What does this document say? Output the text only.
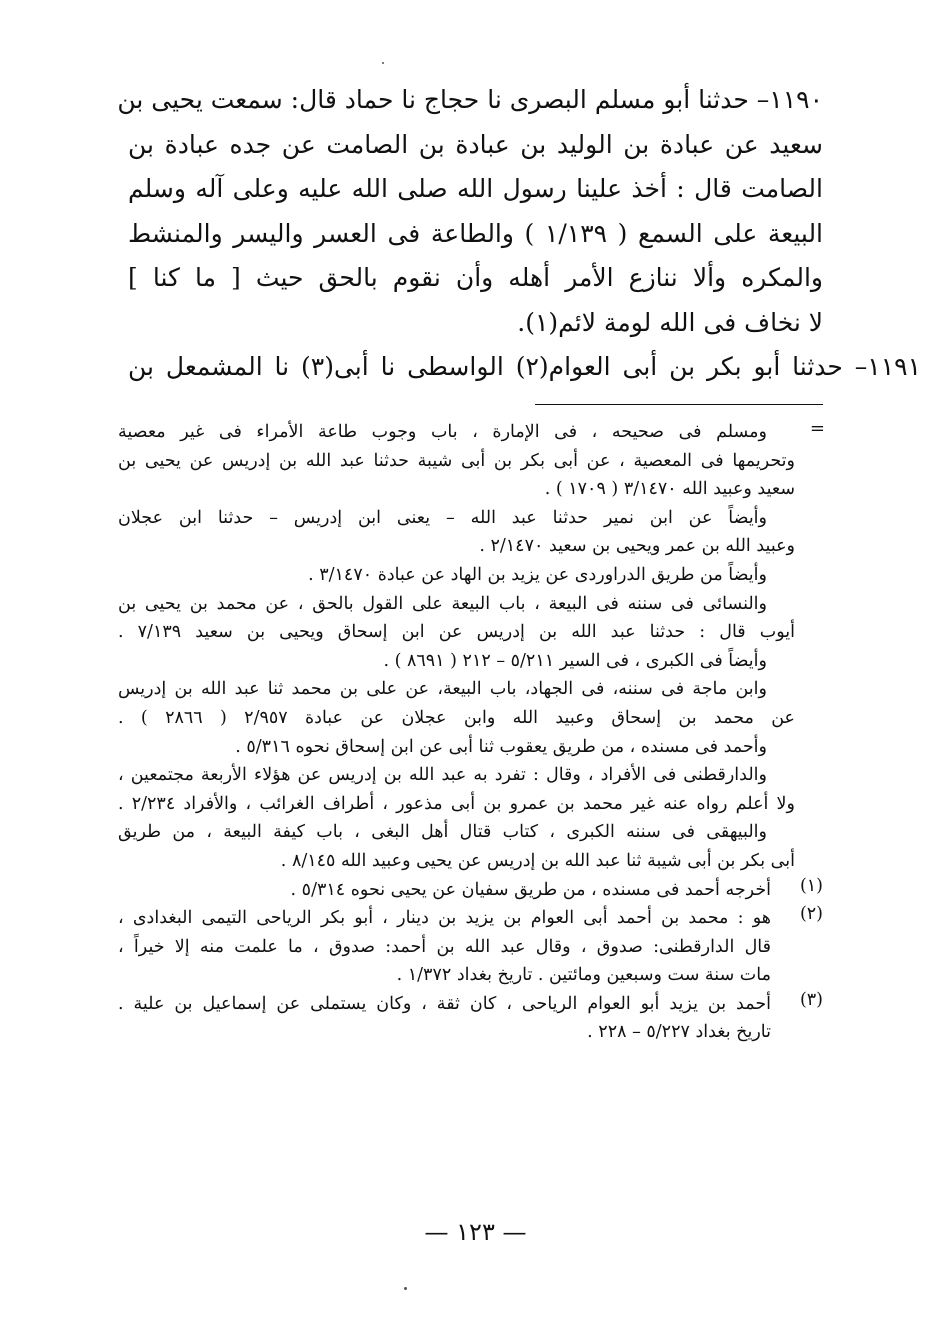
١١٩٠– حدثنا أبو مسلم البصرى نا حجاج نا حماد قال: سمعت يحيى بن
سعيد عن عبادة بن الوليد بن عبادة بن الصامت عن جده عبادة بن
الصامت قال : أخذ علينا رسول الله صلى الله عليه وعلى آله وسلم
البيعة على السمع ( ١/١٣٩ ) والطاعة فى العسر واليسر والمنشط
والمكره وألا ننازع الأمر أهله وأن نقوم بالحق حيث [ ما كنا ]
لا نخاف فى الله لومة لائم(١).
١١٩١– حدثنا أبو بكر بن أبى العوام(٢) الواسطى نا أبى(٣) نا المشمعل بن
=
ومسلم فى صحيحه ، فى الإمارة ، باب وجوب طاعة الأمراء فى غير معصية
وتحريمها فى المعصية ، عن أبى بكر بن أبى شيبة حدثنا عبد الله بن إدريس عن يحيى بن
سعيد وعبيد الله ٣/١٤٧٠ ( ١٧٠٩ ) .
وأيضاً عن ابن نمير حدثنا عبد الله – يعنى ابن إدريس – حدثنا ابن عجلان
وعبيد الله بن عمر ويحيى بن سعيد ٢/١٤٧٠ .
وأيضاً من طريق الدراوردى عن يزيد بن الهاد عن عبادة ٣/١٤٧٠ .
والنسائى فى سننه فى البيعة ، باب البيعة على القول بالحق ، عن محمد بن يحيى بن
أيوب قال : حدثنا عبد الله بن إدريس عن ابن إسحاق ويحيى بن سعيد ٧/١٣٩ .
وأيضاً فى الكبرى ، فى السير ٥/٢١١ – ٢١٢ ( ٨٦٩١ ) .
وابن ماجة فى سننه، فى الجهاد، باب البيعة، عن على بن محمد ثنا عبد الله بن إدريس
عن محمد بن إسحاق وعبيد الله وابن عجلان عن عبادة ٢/٩٥٧ ( ٢٨٦٦ ) .
وأحمد فى مسنده ، من طريق يعقوب ثنا أبى عن ابن إسحاق نحوه ٥/٣١٦ .
والدارقطنى فى الأفراد ، وقال : تفرد به عبد الله بن إدريس عن هؤلاء الأربعة مجتمعين ،
ولا أعلم رواه عنه غير محمد بن عمرو بن أبى مذعور ، أطراف الغرائب ، والأفراد ٢/٢٣٤ .
والبيهقى فى سننه الكبرى ، كتاب قتال أهل البغى ، باب كيفة البيعة ، من طريق
أبى بكر بن أبى شيبة ثنا عبد الله بن إدريس عن يحيى وعبيد الله ٨/١٤٥ .
(١)
أخرجه أحمد فى مسنده ، من طريق سفيان عن يحيى نحوه ٥/٣١٤ .
(٢)
هو : محمد بن أحمد أبى العوام بن يزيد بن دينار ، أبو بكر الرياحى التيمى البغدادى ،
قال الدارقطنى: صدوق ، وقال عبد الله بن أحمد: صدوق ، ما علمت منه إلا خيراً ،
مات سنة ست وسبعين ومائتين . تاريخ بغداد ١/٣٧٢ .
(٣)
أحمد بن يزيد أبو العوام الرياحى ، كان ثقة ، وكان يستملى عن إسماعيل بن علية .
تاريخ بغداد ٥/٢٢٧ – ٢٢٨ .
— ١٢٣ —
